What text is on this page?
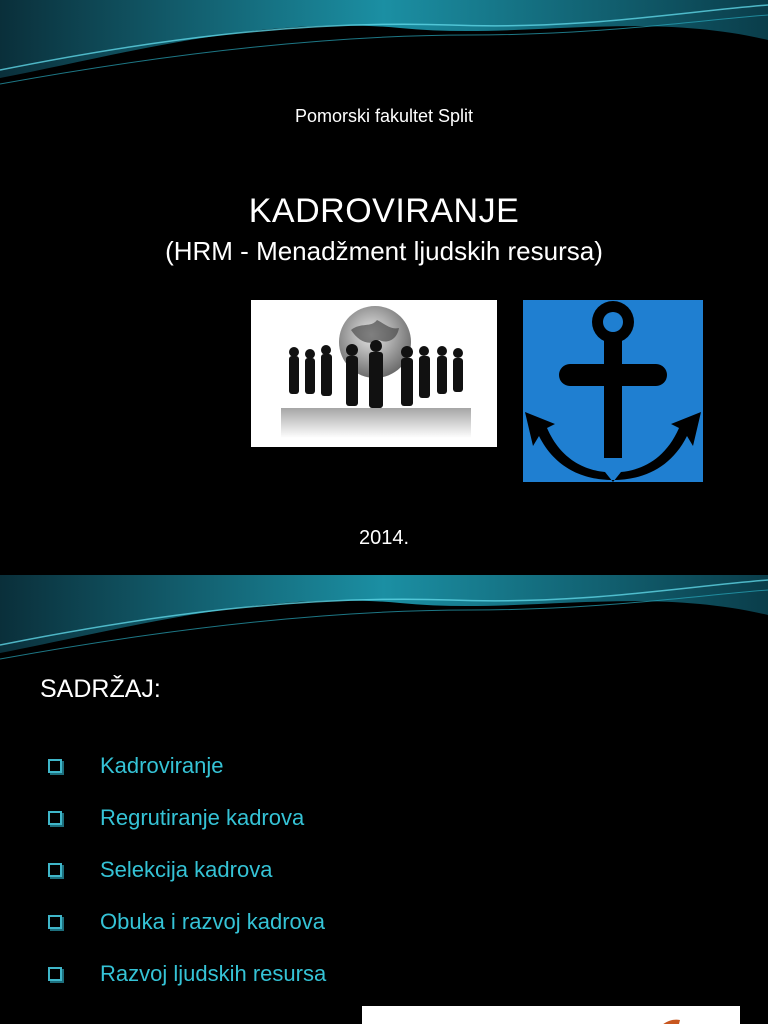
Pomorski fakultet Split
KADROVIRANJE
(HRM - Menadžment ljudskih resursa)
2014.
SADRŽAJ:
Kadroviranje
Regrutiranje kadrova
Selekcija kadrova
Obuka i razvoj kadrova
Razvoj ljudskih resursa
